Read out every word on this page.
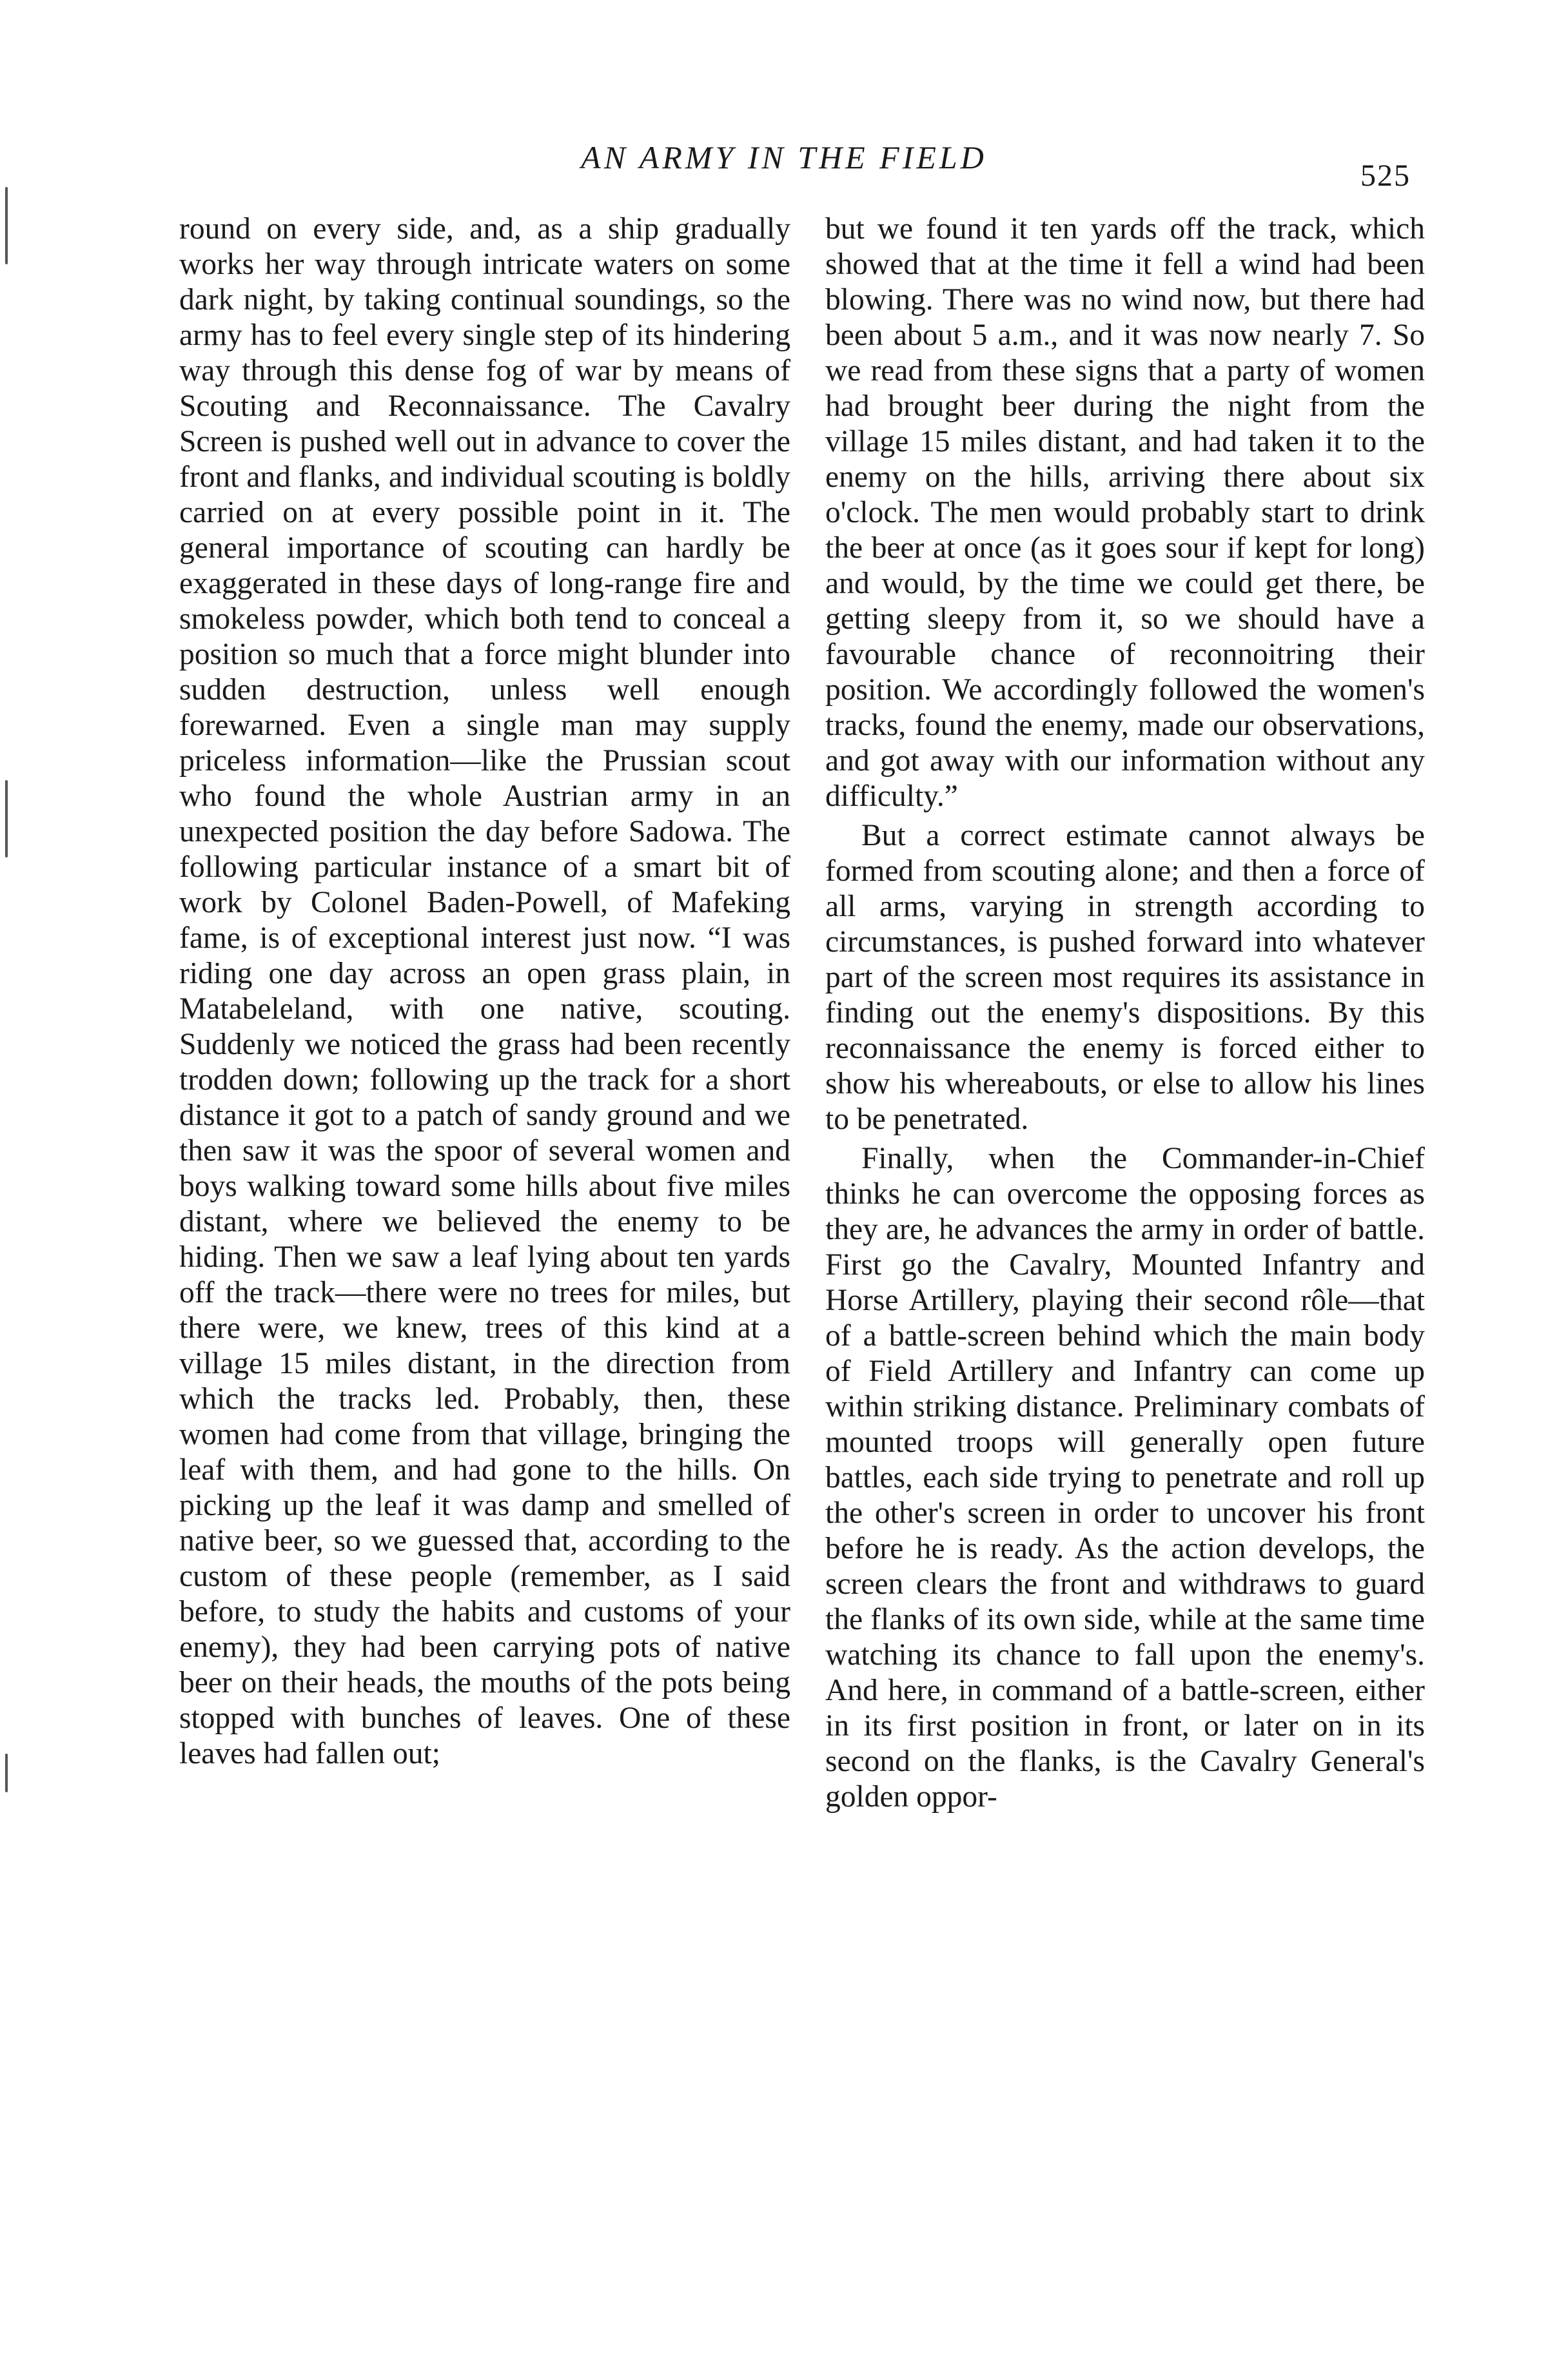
AN ARMY IN THE FIELD
525

round on every side, and, as a ship gradually works her way through intricate waters on some dark night, by taking continual soundings, so the army has to feel every single step of its hindering way through this dense fog of war by means of Scouting and Reconnaissance. The Cavalry Screen is pushed well out in advance to cover the front and flanks, and individual scouting is boldly carried on at every possible point in it. The general importance of scouting can hardly be exaggerated in these days of long-range fire and smokeless powder, which both tend to conceal a position so much that a force might blunder into sudden destruction, unless well enough forewarned. Even a single man may supply priceless information—like the Prussian scout who found the whole Austrian army in an unexpected position the day before Sadowa. The following particular instance of a smart bit of work by Colonel Baden-Powell, of Mafeking fame, is of exceptional interest just now. “I was riding one day across an open grass plain, in Matabeleland, with one native, scouting. Suddenly we noticed the grass had been recently trodden down; following up the track for a short distance it got to a patch of sandy ground and we then saw it was the spoor of several women and boys walking toward some hills about five miles distant, where we believed the enemy to be hiding. Then we saw a leaf lying about ten yards off the track—there were no trees for miles, but there were, we knew, trees of this kind at a village 15 miles distant, in the direction from which the tracks led. Probably, then, these women had come from that village, bringing the leaf with them, and had gone to the hills. On picking up the leaf it was damp and smelled of native beer, so we guessed that, according to the custom of these people (remember, as I said before, to study the habits and customs of your enemy), they had been carrying pots of native beer on their heads, the mouths of the pots being stopped with bunches of leaves. One of these leaves had fallen out;

but we found it ten yards off the track, which showed that at the time it fell a wind had been blowing. There was no wind now, but there had been about 5 a.m., and it was now nearly 7. So we read from these signs that a party of women had brought beer during the night from the village 15 miles distant, and had taken it to the enemy on the hills, arriving there about six o'clock. The men would probably start to drink the beer at once (as it goes sour if kept for long) and would, by the time we could get there, be getting sleepy from it, so we should have a favourable chance of reconnoitring their position. We accordingly followed the women's tracks, found the enemy, made our observations, and got away with our information without any difficulty.”

But a correct estimate cannot always be formed from scouting alone; and then a force of all arms, varying in strength according to circumstances, is pushed forward into whatever part of the screen most requires its assistance in finding out the enemy's dispositions. By this reconnaissance the enemy is forced either to show his whereabouts, or else to allow his lines to be penetrated.

Finally, when the Commander-in-Chief thinks he can overcome the opposing forces as they are, he advances the army in order of battle. First go the Cavalry, Mounted Infantry and Horse Artillery, playing their second rôle—that of a battle-screen behind which the main body of Field Artillery and Infantry can come up within striking distance. Preliminary combats of mounted troops will generally open future battles, each side trying to penetrate and roll up the other's screen in order to uncover his front before he is ready. As the action develops, the screen clears the front and withdraws to guard the flanks of its own side, while at the same time watching its chance to fall upon the enemy's. And here, in command of a battle-screen, either in its first position in front, or later on in its second on the flanks, is the Cavalry General's golden oppor-
